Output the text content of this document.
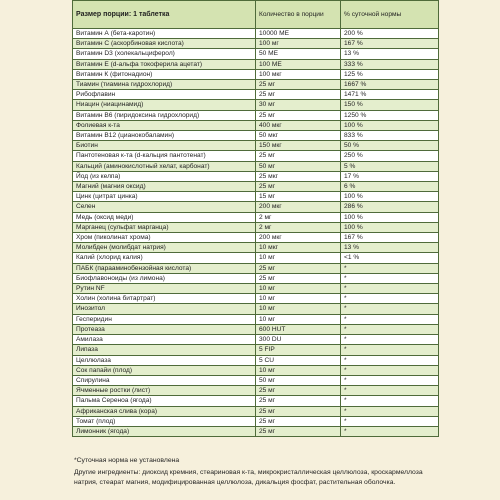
Размер порции: 1 таблетка	Количество в порции	% суточной нормы
Витамин А (бета-каротин)	10000 МЕ	200 %
Витамин С (аскорбиновая кислота)	100 мг	167 %
Витамин D3 (холекальциферол)	50 МЕ	13 %
Витамин Е (d-альфа токоферила ацетат)	100 МЕ	333 %
Витамин К (фитонадион)	100 мкг	125 %
Тиамин (тиамина гидрохлорид)	25 мг	1667 %
Рибофлавин	25 мг	1471 %
Ниацин (ниацинамид)	30 мг	150 %
Витамин В6 (пиридоксина гидрохлорид)	25 мг	1250 %
Фолиевая к-та	400 мкг	100 %
Витамин В12 (цианокобаламин)	50 мкг	833 %
Биотин	150 мкг	50 %
Пантотеновая к-та (d-кальция пантотенат)	25 мг	250 %
Кальций (аминокислотный хелат, карбонат)	50 мг	5 %
Йод (из келпа)	25 мкг	17 %
Магний (магния оксид)	25 мг	6 %
Цинк (цитрат цинка)	15 мг	100 %
Селен	200 мкг	286 %
Медь (оксид меди)	2 мг	100 %
Марганец (сульфат марганца)	2 мг	100 %
Хром (пиколинат хрома)	200 мкг	167 %
Молибден (молибдат натрия)	10 мкг	13 %
Калий (хлорид калия)	10 мг	<1 %
ПАБК (парааминобензойная кислота)	25 мг	*
Биофлавоноиды (из лимона)	25 мг	*
Рутин NF	10 мг	*
Холин (холина битартрат)	10 мг	*
Инозитол	10 мг	*
Гесперидин	10 мг	*
Протеаза	600 HUT	*
Амилаза	300 DU	*
Липаза	5 FIP	*
Целлюлаза	5 CU	*
Сок папайи (плод)	10 мг	*
Спирулина	50 мг	*
Ячменные ростки (лист)	25 мг	*
Пальма Серенoа (ягода)	25 мг	*
Африканская слива (кора)	25 мг	*
Томат (плод)	25 мг	*
Лимонник (ягода)	25 мг	*

*Суточная норма не установлена

Другие ингредиенты: диоксид кремния, стеариновая к-та, микрокристаллическая целлюлоза, кроскармеллоза натрия, стеарат магния, модифицированная целлюлоза, дикальция фосфат, растительная оболочка.
